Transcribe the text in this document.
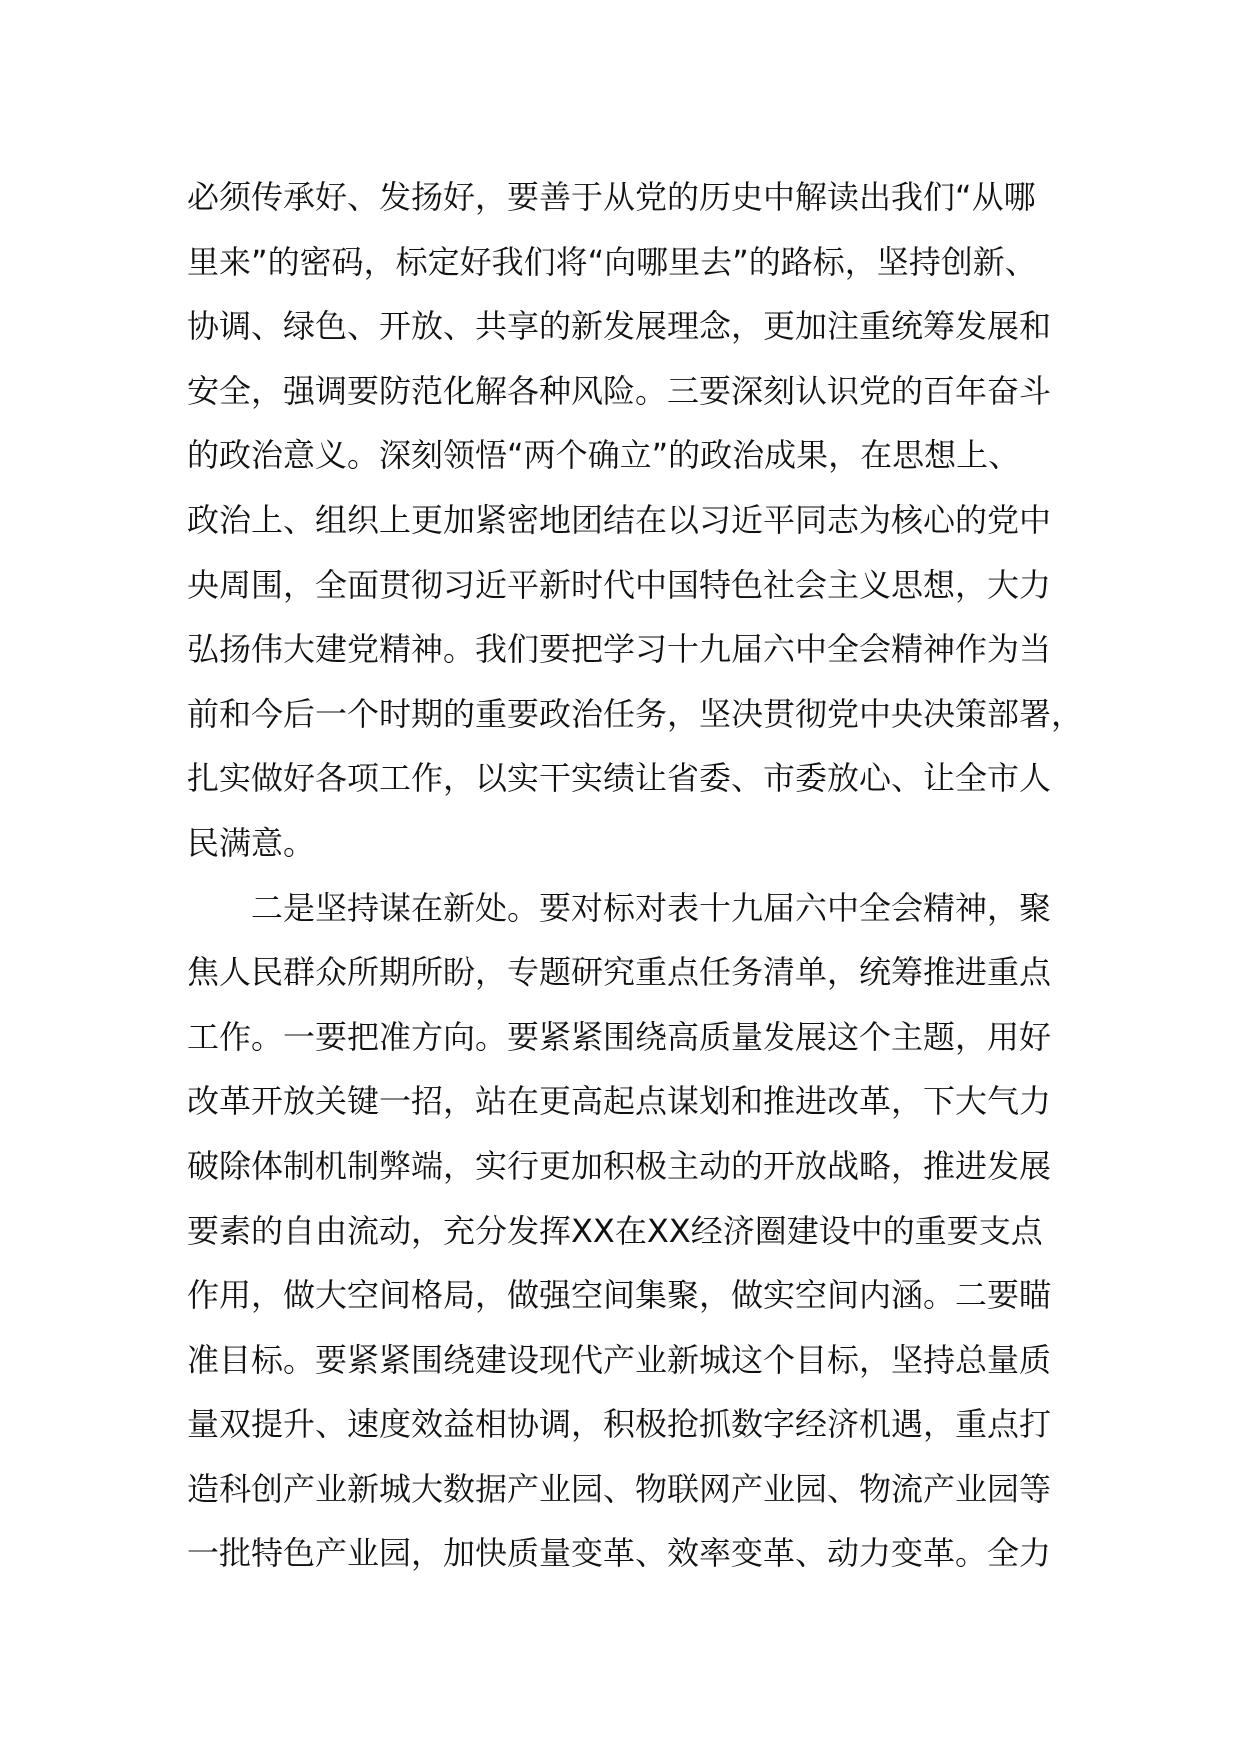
必须传承好、发扬好，要善于从党的历史中解读出我们“从哪
里来”的密码，标定好我们将“向哪里去”的路标，坚持创新、
协调、绿色、开放、共享的新发展理念，更加注重统筹发展和
安全，强调要防范化解各种风险。三要深刻认识党的百年奋斗
的政治意义。深刻领悟“两个确立”的政治成果，在思想上、
政治上、组织上更加紧密地团结在以习近平同志为核心的党中
央周围，全面贯彻习近平新时代中国特色社会主义思想，大力
弘扬伟大建党精神。我们要把学习十九届六中全会精神作为当
前和今后一个时期的重要政治任务，坚决贯彻党中央决策部署，
扎实做好各项工作，以实干实绩让省委、市委放心、让全市人
民满意。
二是坚持谋在新处。要对标对表十九届六中全会精神，聚
焦人民群众所期所盼，专题研究重点任务清单，统筹推进重点
工作。一要把准方向。要紧紧围绕高质量发展这个主题，用好
改革开放关键一招，站在更高起点谋划和推进改革，下大气力
破除体制机制弊端，实行更加积极主动的开放战略，推进发展
要素的自由流动，充分发挥XX在XX经济圈建设中的重要支点
作用，做大空间格局，做强空间集聚，做实空间内涵。二要瞄
准目标。要紧紧围绕建设现代产业新城这个目标，坚持总量质
量双提升、速度效益相协调，积极抢抓数字经济机遇，重点打
造科创产业新城大数据产业园、物联网产业园、物流产业园等
一批特色产业园，加快质量变革、效率变革、动力变革。全力
